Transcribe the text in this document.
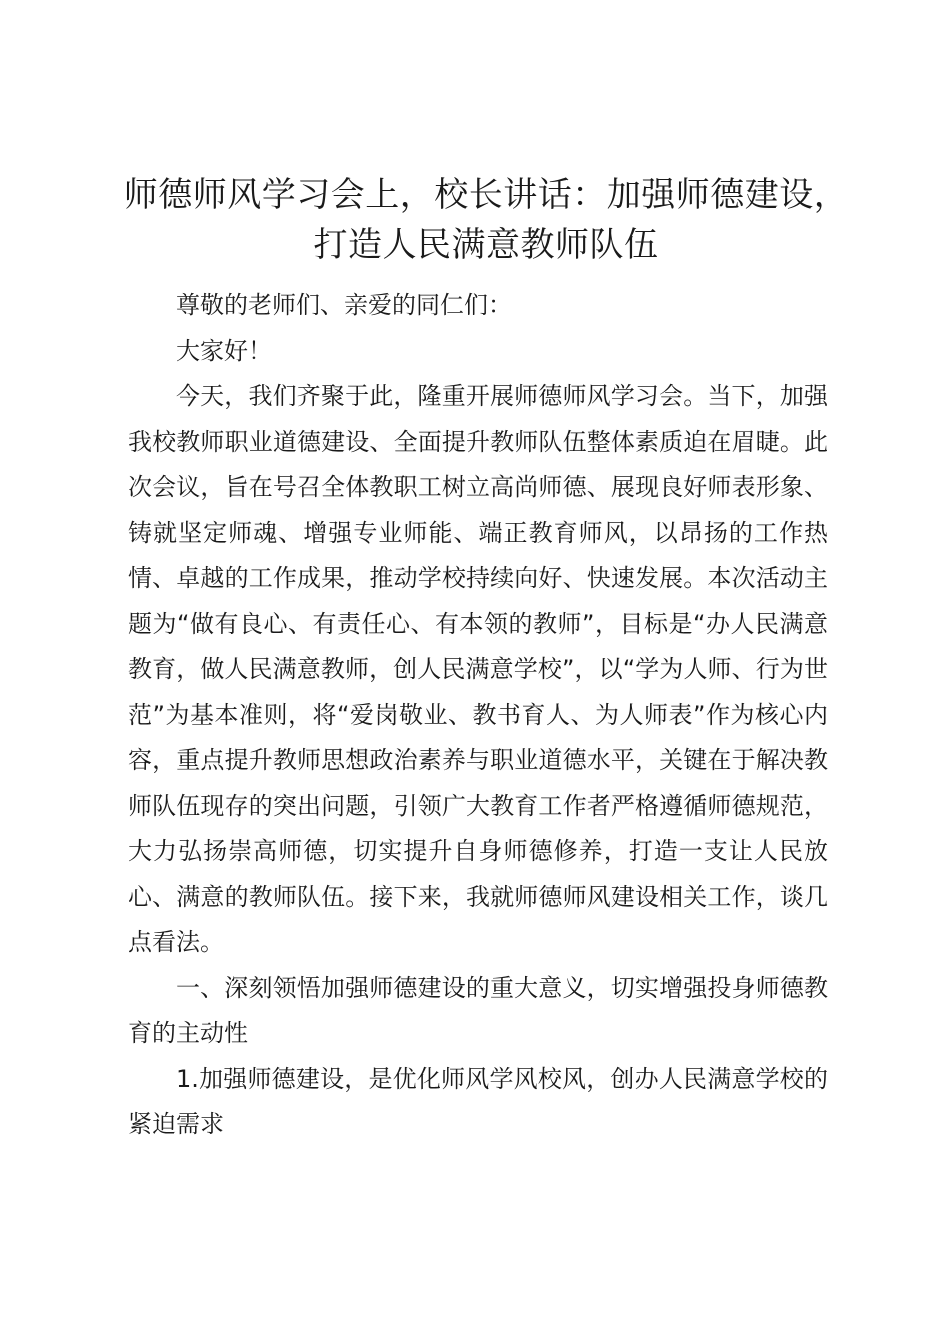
师德师风学习会上，校长讲话：加强师德建设，
打造人民满意教师队伍

尊敬的老师们、亲爱的同仁们：

大家好！

今天，我们齐聚于此，隆重开展师德师风学习会。当下，加强我校教师职业道德建设、全面提升教师队伍整体素质迫在眉睫。此次会议，旨在号召全体教职工树立高尚师德、展现良好师表形象、铸就坚定师魂、增强专业师能、端正教育师风，以昂扬的工作热情、卓越的工作成果，推动学校持续向好、快速发展。本次活动主题为“做有良心、有责任心、有本领的教师”，目标是“办人民满意教育，做人民满意教师，创人民满意学校”，以“学为人师、行为世范”为基本准则，将“爱岗敬业、教书育人、为人师表”作为核心内容，重点提升教师思想政治素养与职业道德水平，关键在于解决教师队伍现存的突出问题，引领广大教育工作者严格遵循师德规范，大力弘扬崇高师德，切实提升自身师德修养，打造一支让人民放心、满意的教师队伍。接下来，我就师德师风建设相关工作，谈几点看法。

一、深刻领悟加强师德建设的重大意义，切实增强投身师德教育的主动性

1.加强师德建设，是优化师风学风校风，创办人民满意学校的紧迫需求
